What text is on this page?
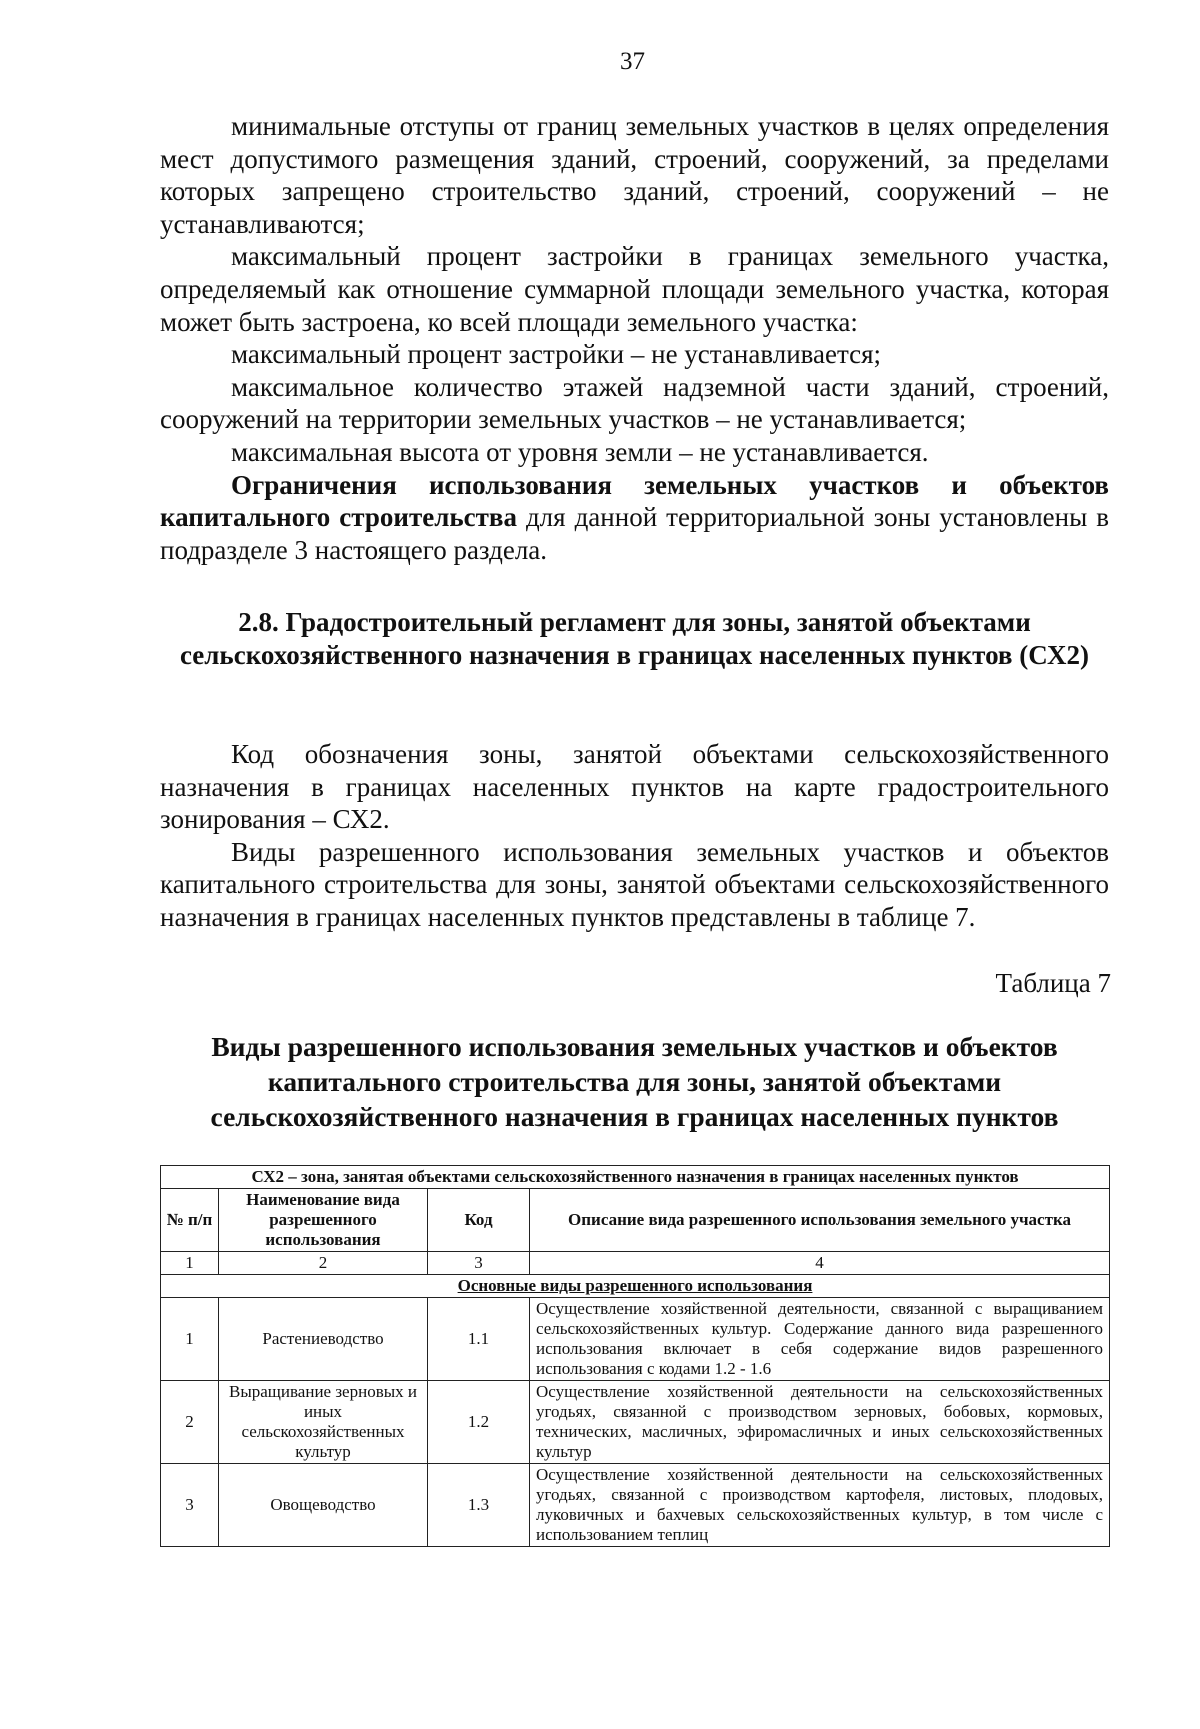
37

минимальные отступы от границ земельных участков в целях определения мест допустимого размещения зданий, строений, сооружений, за пределами которых запрещено строительство зданий, строений, сооружений – не устанавливаются;

максимальный процент застройки в границах земельного участка, определяемый как отношение суммарной площади земельного участка, которая может быть застроена, ко всей площади земельного участка:

максимальный процент застройки – не устанавливается;

максимальное количество этажей надземной части зданий, строений, сооружений на территории земельных участков – не устанавливается;

максимальная высота от уровня земли – не устанавливается.

Ограничения использования земельных участков и объектов капитального строительства для данной территориальной зоны установлены в подразделе 3 настоящего раздела.

2.8. Градостроительный регламент для зоны, занятой объектами сельскохозяйственного назначения в границах населенных пунктов (СХ2)

Код обозначения зоны, занятой объектами сельскохозяйственного назначения в границах населенных пунктов на карте градостроительного зонирования – СХ2.

Виды разрешенного использования земельных участков и объектов капитального строительства для зоны, занятой объектами сельскохозяйственного назначения в границах населенных пунктов представлены в таблице 7.

Таблица 7
Виды разрешенного использования земельных участков и объектов капитального строительства для зоны, занятой объектами сельскохозяйственного назначения в границах населенных пунктов
СХ2 – зона, занятая объектами сельскохозяйственного назначения в границах населенных пунктов			
№ п/п	Наименование вида разрешенного использования	Код	Описание вида разрешенного использования земельного участка
1	2	3	4
Основные виды разрешенного использования			
1	Растениеводство	1.1	Осуществление хозяйственной деятельности, связанной с выращиванием сельскохозяйственных культур. Содержание данного вида разрешенного использования включает в себя содержание видов разрешенного использования с кодами 1.2 - 1.6
2	Выращивание зерновых и иных сельскохозяйственных культур	1.2	Осуществление хозяйственной деятельности на сельскохозяйственных угодьях, связанной с производством зерновых, бобовых, кормовых, технических, масличных, эфиромасличных и иных сельскохозяйственных культур
3	Овощеводство	1.3	Осуществление хозяйственной деятельности на сельскохозяйственных угодьях, связанной с производством картофеля, листовых, плодовых, луковичных и бахчевых сельскохозяйственных культур, в том числе с использованием теплиц
